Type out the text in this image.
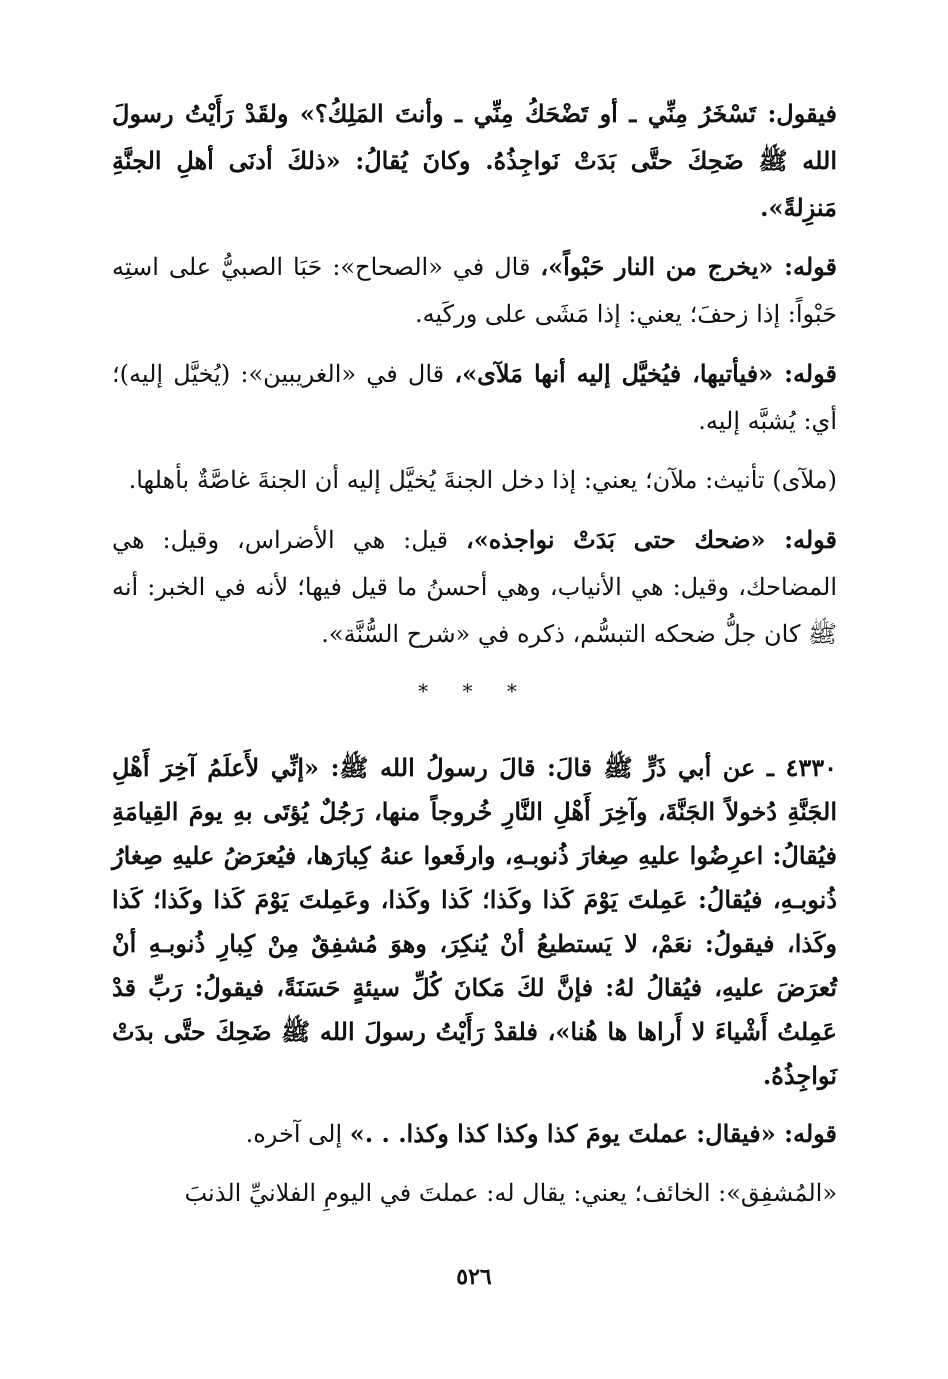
فيقول: تَسْخَرُ مِنِّي ـ أو تَضْحَكُ مِنِّي ـ وأنتَ المَلِكُ؟» ولقَدْ رَأَيْتُ رسولَ الله ﷺ ضَحِكَ حتَّى بَدَتْ نَواجِذُهُ. وكانَ يُقالُ: «ذلكَ أدنَى أهلِ الجنَّةِ مَنزِلةً».

قوله: «يخرج من النار حَبْواً»، قال في «الصحاح»: حَبَا الصبيُّ على استِه حَبْواً: إذا زحفَ؛ يعني: إذا مَشَى على وركَيه.

قوله: «فيأتيها، فيُخيَّل إليه أنها مَلآى»، قال في «الغريبين»: (يُخيَّل إليه)؛ أي: يُشبَّه إليه.

(ملآى) تأنيث: ملآن؛ يعني: إذا دخل الجنةَ يُخيَّل إليه أن الجنةَ غاصَّةٌ بأهلها.

قوله: «ضحك حتى بَدَتْ نواجذه»، قيل: هي الأضراس، وقيل: هي المضاحك، وقيل: هي الأنياب، وهي أحسنُ ما قيل فيها؛ لأنه في الخبر: أنه ﷺ كان جلُّ ضحكه التبسُّم، ذكره في «شرح السُّنَّة».

* * *

٤٣٣٠ ـ عن أبي ذَرٍّ ﷺ قالَ: قالَ رسولُ الله ﷺ: «إنِّي لأَعلَمُ آخِرَ أَهْلِ الجَنَّةِ دُخولاً الجَنَّةَ، وآخِرَ أَهْلِ النَّارِ خُروجاً منها، رَجُلٌ يُؤتَى بهِ يومَ القِيامَةِ فيُقالُ: اعرِضُوا عليهِ صِغارَ ذُنوبـهِ، وارفَعوا عنهُ كِبارَها، فيُعرَضُ عليهِ صِغارُ ذُنوبـهِ، فيُقالُ: عَمِلتَ يَوْمَ كَذا وكَذا؛ كَذا وكَذا، وعَمِلتَ يَوْمَ كَذا وكَذا؛ كَذا وكَذا، فيقولُ: نعَمْ، لا يَستطيعُ أنْ يُنكِرَ، وهوَ مُشفِقٌ مِنْ كِبارِ ذُنوبـهِ أنْ تُعرَضَ عليهِ، فيُقالُ لهُ: فإنَّ لكَ مَكانَ كُلِّ سيئةٍ حَسَنَةً، فيقولُ: رَبِّ قدْ عَمِلتُ أَشْياءَ لا أَراها ها هُنا»، فلقدْ رَأَيْتُ رسولَ الله ﷺ ضَحِكَ حتَّى بدَتْ نَواجِذُهُ.

قوله: «فيقال: عملتَ يومَ كذا وكذا كذا وكذا. . .» إلى آخره.

«المُشفِق»: الخائف؛ يعني: يقال له: عملتَ في اليومِ الفلانيِّ الذنبَ

٥٢٦
